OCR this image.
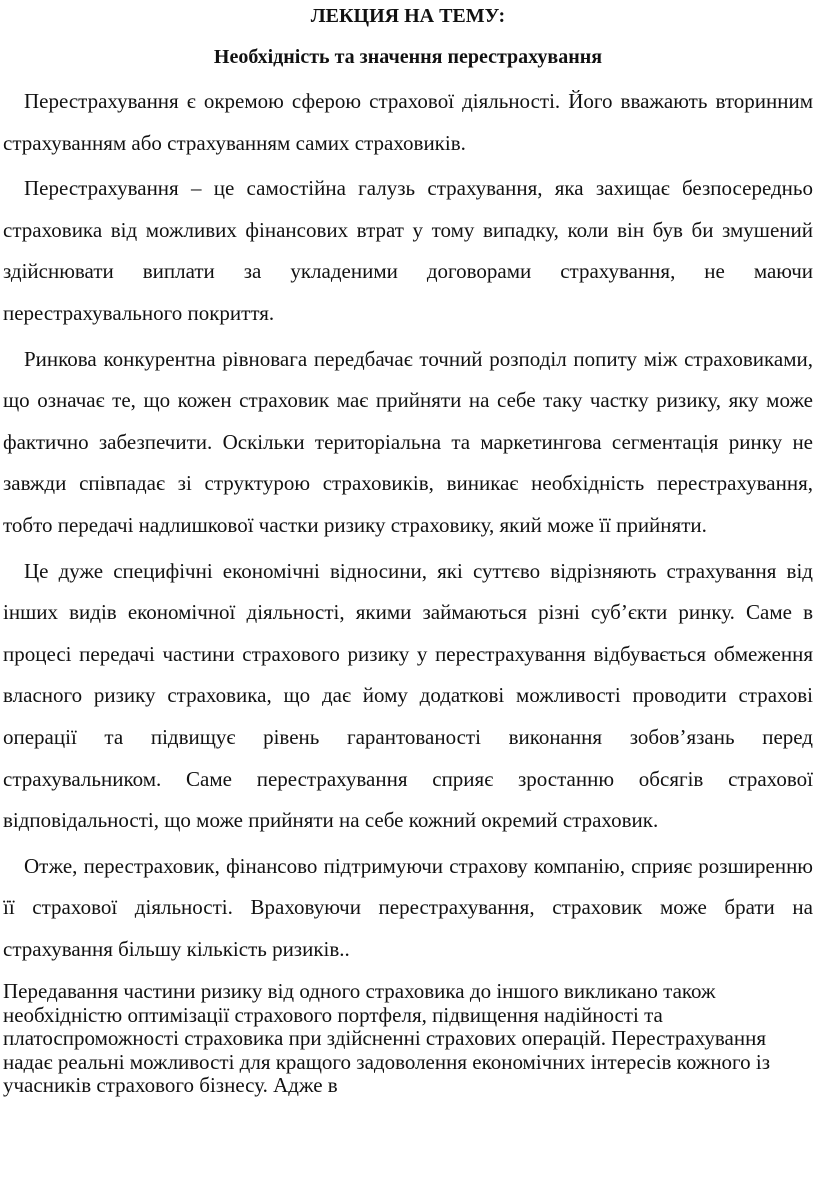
ЛЕКЦИЯ НА ТЕМУ:
Необхідність та значення перестрахування

Перестрахування є окремою сферою страхової діяльності. Його вважають вторинним страхуванням або страхуванням самих страховиків.

Перестрахування – це самостійна галузь страхування, яка захищає безпосередньо страховика від можливих фінансових втрат у тому випадку, коли він був би змушений здійснювати виплати за укладеними договорами страхування, не маючи перестрахувального покриття.

Ринкова конкурентна рівновага передбачає точний розподіл попиту між страховиками, що означає те, що кожен страховик має прийняти на себе таку частку ризику, яку може фактично забезпечити. Оскільки територіальна та маркетингова сегментація ринку не завжди співпадає зі структурою страховиків, виникає необхідність перестрахування, тобто передачі надлишкової частки ризику страховику, який може її прийняти.

Це дуже специфічні економічні відносини, які суттєво відрізняють страхування від інших видів економічної діяльності, якими займаються різні суб’єкти ринку. Саме в процесі передачі частини страхового ризику у перестрахування відбувається обмеження власного ризику страховика, що дає йому додаткові можливості проводити страхові операції та підвищує рівень гарантованості виконання зобов’язань перед страхувальником. Саме перестрахування сприяє зростанню обсягів страхової відповідальності, що може прийняти на себе кожний окремий страховик.

Отже, перестраховик, фінансово підтримуючи страхову компанію, сприяє розширенню її страхової діяльності. Враховуючи перестрахування, страховик може брати на страхування більшу кількість ризиків..

Передавання частини ризику від одного страховика до іншого викликано також необхідністю оптимізації страхового портфеля, підвищення надійності та платоспроможності страховика при здійсненні страхових операцій. Перестрахування надає реальні можливості для кращого задоволення економічних інтересів кожного із учасників страхового бізнесу. Адже в
